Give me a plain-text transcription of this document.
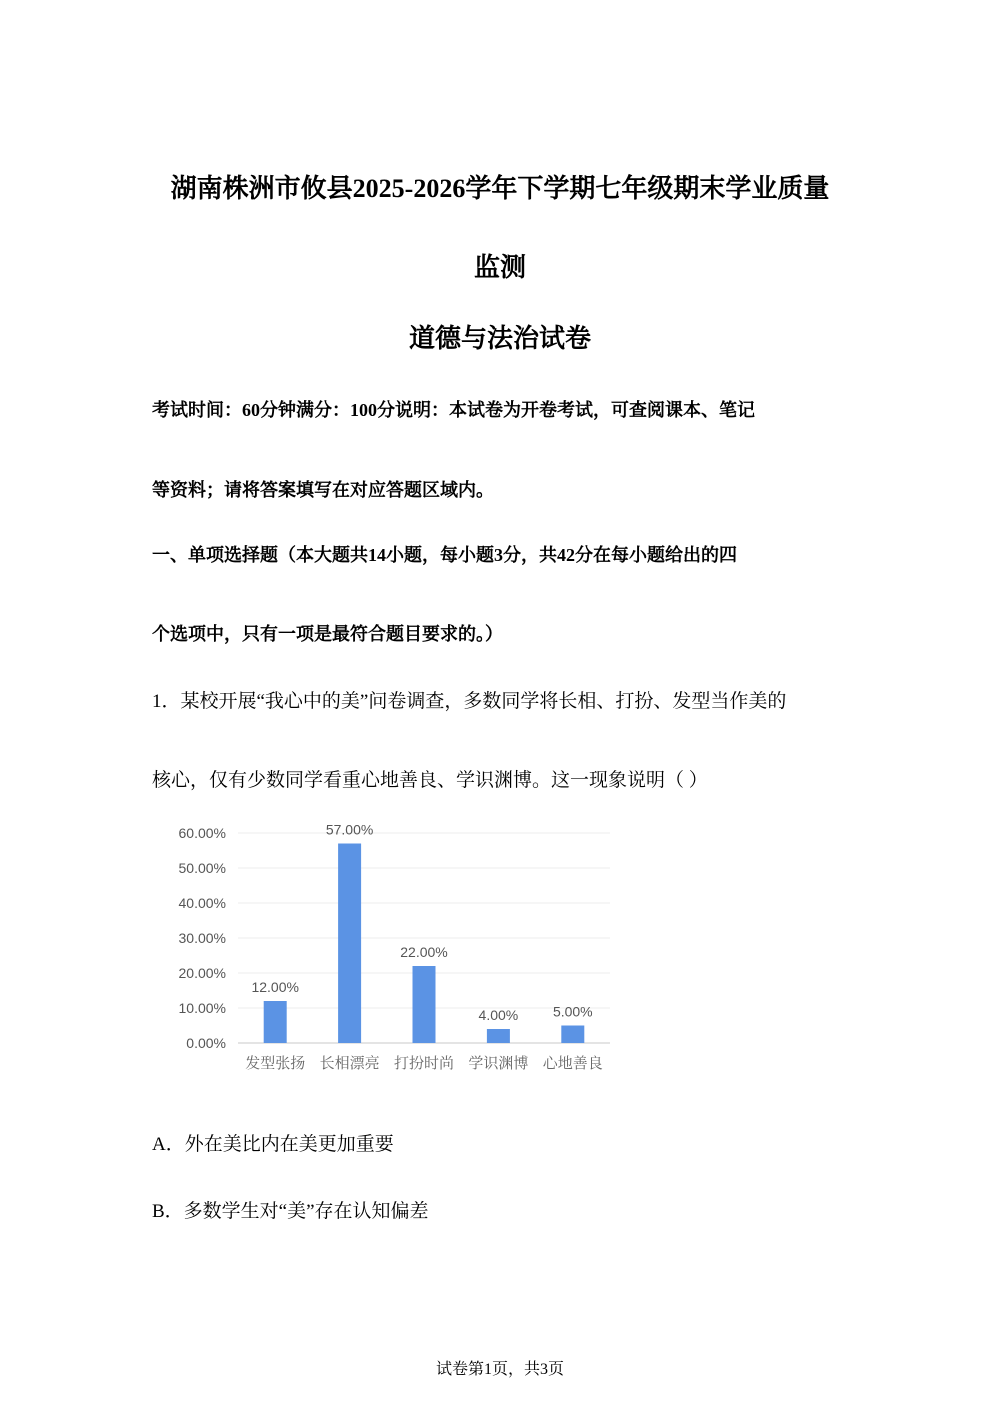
湖南株洲市攸县2025-2026学年下学期七年级期末学业质量
监测
道德与法治试卷
考试时间：60分钟满分：100分说明：本试卷为开卷考试，可查阅课本、笔记
等资料；请将答案填写在对应答题区域内。
一、单项选择题（本大题共14小题，每小题3分，共42分在每小题给出的四
个选项中，只有一项是最符合题目要求的。）
1．某校开展“我心中的美”问卷调查，多数同学将长相、打扮、发型当作美的
核心，仅有少数同学看重心地善良、学识渊博。这一现象说明（ ）
0.00%
10.00%
20.00%
30.00%
40.00%
50.00%
60.00%
12.00%
发型张扬
57.00%
长相漂亮
22.00%
打扮时尚
4.00%
学识渊博
5.00%
心地善良
A．外在美比内在美更加重要
B．多数学生对“美”存在认知偏差
试卷第1页，共3页
